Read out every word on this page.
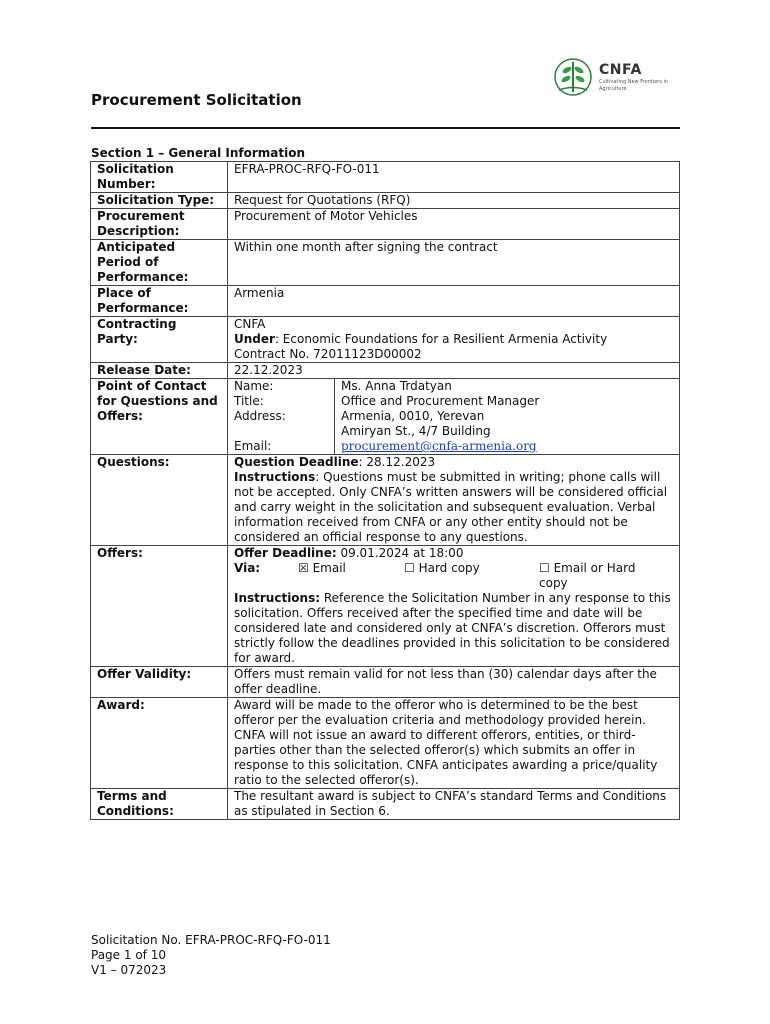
CNFA
Cultivating New Frontiers in Agriculture
Procurement Solicitation
Section 1 – General Information
Solicitation Number:	EFRA-PROC-RFQ-FO-011
Solicitation Type:	Request for Quotations (RFQ)
Procurement Description:	Procurement of Motor Vehicles
Anticipated Period of Performance:	Within one month after signing the contract
Place of Performance:	Armenia
Contracting Party:	
CNFA
Under: Economic Foundations for a Resilient Armenia Activity
Contract No. 72011123D00002

Release Date:	22.12.2023
Point of Contact for Questions and Offers:	
Name:	Ms. Anna Trdatyan
Title:	Office and Procurement Manager
Address:	Armenia, 0010, Yerevan
Amiryan St., 4/7 Building

Email:	procurement@cnfa-armenia.org

Questions:	Question Deadline: 28.12.2023
Instructions: Questions must be submitted in writing; phone calls will not be accepted. Only CNFA’s written answers will be considered official and carry weight in the solicitation and subsequent evaluation. Verbal information received from CNFA or any other entity should not be considered an official response to any questions.

Offers:	Offer Deadline: 09.01.2024 at 18:00
Via:	☒ Email	☐ Hard copy	☐ Email or Hard copy
Instructions: Reference the Solicitation Number in any response to this solicitation. Offers received after the specified time and date will be considered late and considered only at CNFA’s discretion. Offerors must strictly follow the deadlines provided in this solicitation to be considered for award.

Offer Validity:	Offers must remain valid for not less than (30) calendar days after the offer deadline.
Award:	Award will be made to the offeror who is determined to be the best offeror per the evaluation criteria and methodology provided herein. CNFA will not issue an award to different offerors, entities, or third-parties other than the selected offeror(s) which submits an offer in response to this solicitation. CNFA anticipates awarding a price/quality ratio to the selected offeror(s).
Terms and Conditions:	The resultant award is subject to CNFA’s standard Terms and Conditions as stipulated in Section 6.
Solicitation No. EFRA-PROC-RFQ-FO-011
Page 1 of 10
V1 – 072023
